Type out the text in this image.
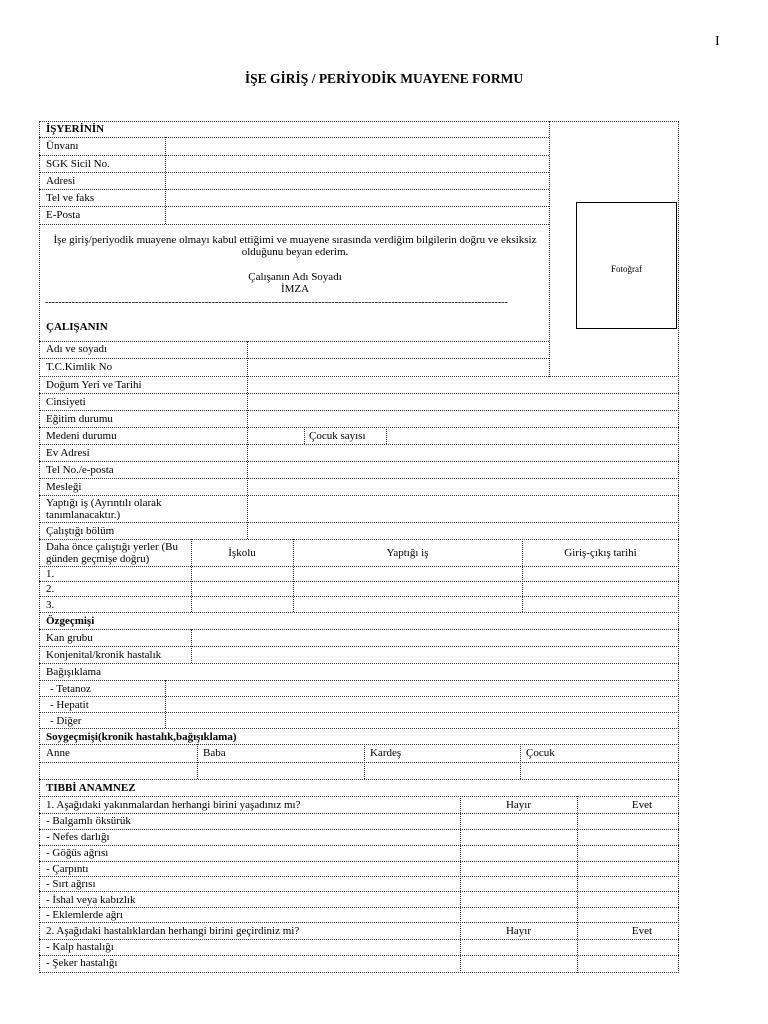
I
İŞE GİRİŞ / PERİYODİK MUAYENE FORMU
İŞYERİNİN
Ünvanı
SGK Sicil No.
Adresi
Tel ve faks
E-Posta
Fotoğraf
İşe giriş/periyodik muayene olmayı kabul ettiğimi ve muayene sırasında verdiğim bilgilerin doğru ve eksiksiz olduğunu beyan ederim.
Çalışanın Adı Soyadı
İMZA
-------------------------------------------------------------------------------------------------------------------------------------------
ÇALIŞANIN
Adı ve soyadı
T.C.Kimlik No
Doğum Yeri ve Tarihi
Cinsiyeti
Eğitim durumu
Medeni durumu	Çocuk sayısı
Ev Adresi
Tel No./e-posta
Mesleği
Yaptığı iş (Ayrıntılı olarak tanımlanacaktır.)
Çalıştığı bölüm
Daha önce çalıştığı yerler (Bu günden geçmişe doğru)	İşkolu	Yaptığı iş	Giriş-çıkış tarihi
1.
2.
3.
Özgeçmişi
Kan grubu
Konjenital/kronik hastalık
Bağışıklama
- Tetanoz
- Hepatit
- Diğer
Soygeçmişi(kronik hastalık,bağışıklama)
Anne	Baba	Kardeş	Çocuk
TIBBİ ANAMNEZ
1. Aşağıdaki yakınmalardan herhangi birini yaşadınız mı?	Hayır	Evet
- Balgamlı öksürük
- Nefes darlığı
- Göğüs ağrısı
- Çarpıntı
- Sırt ağrısı
- İshal veya kabızlık
- Eklemlerde ağrı
2. Aşağıdaki hastalıklardan herhangi birini geçirdiniz mi?	Hayır	Evet
- Kalp hastalığı
- Şeker hastalığı
